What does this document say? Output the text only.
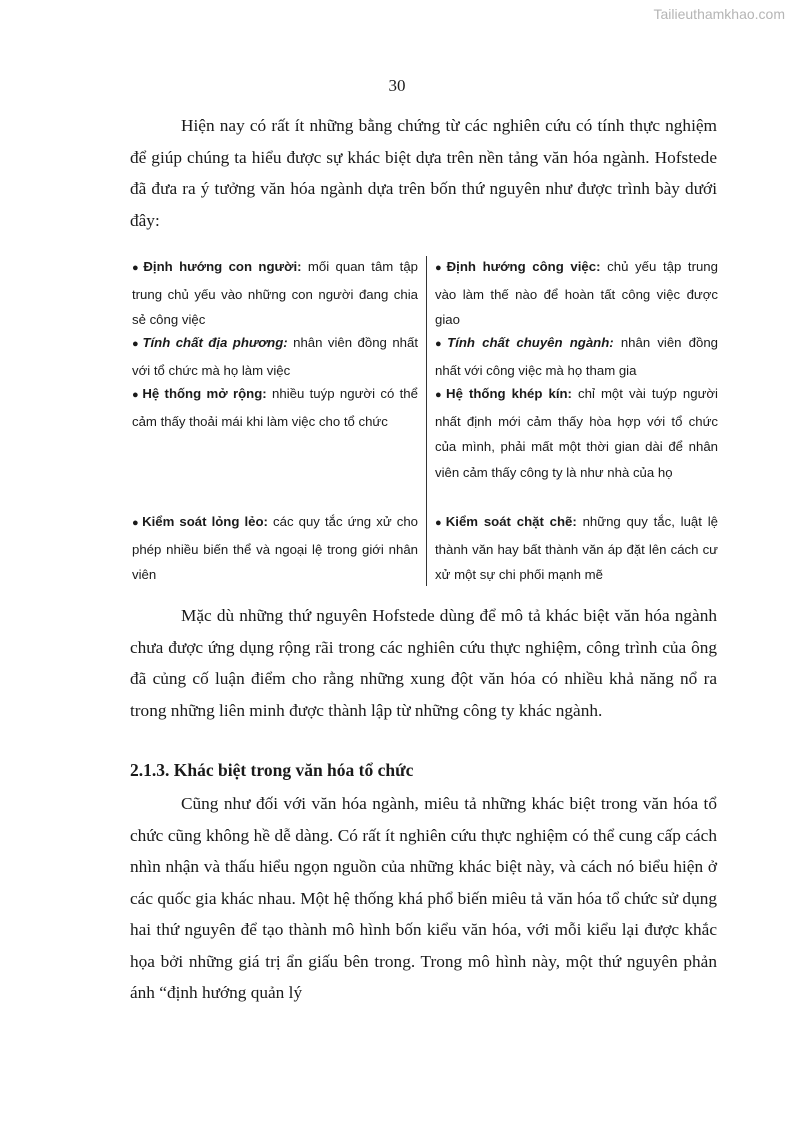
Tailieuthamkhao.com
30

Hiện nay có rất ít những bằng chứng từ các nghiên cứu có tính thực nghiệm để giúp chúng ta hiểu được sự khác biệt dựa trên nền tảng văn hóa ngành. Hofstede đã đưa ra ý tưởng văn hóa ngành dựa trên bốn thứ nguyên như được trình bày dưới đây:

● Định hướng con người: mối quan tâm tập trung chủ yếu vào những con người đang chia sẻ công việc

● Định hướng công việc: chủ yếu tập trung vào làm thế nào để hoàn tất công việc được giao

● Tính chất địa phương: nhân viên đồng nhất với tổ chức mà họ làm việc

● Tính chất chuyên ngành: nhân viên đồng nhất với công việc mà họ tham gia

● Hệ thống mở rộng: nhiều tuýp người có thể cảm thấy thoải mái khi làm việc cho tổ chức

● Hệ thống khép kín: chỉ một vài tuýp người nhất định mới cảm thấy hòa hợp với tổ chức của mình, phải mất một thời gian dài để nhân viên cảm thấy công ty là như nhà của họ

● Kiểm soát lỏng lẻo: các quy tắc ứng xử cho phép nhiều biến thể và ngoại lệ trong giới nhân viên

● Kiểm soát chặt chẽ: những quy tắc, luật lệ thành văn hay bất thành văn áp đặt lên cách cư xử một sự chi phối mạnh mẽ

Mặc dù những thứ nguyên Hofstede dùng để mô tả khác biệt văn hóa ngành chưa được ứng dụng rộng rãi trong các nghiên cứu thực nghiệm, công trình của ông đã củng cố luận điểm cho rằng những xung đột văn hóa có nhiều khả năng nổ ra trong những liên minh được thành lập từ những công ty khác ngành.

2.1.3. Khác biệt trong văn hóa tổ chức

Cũng như đối với văn hóa ngành, miêu tả những khác biệt trong văn hóa tổ chức cũng không hề dễ dàng. Có rất ít nghiên cứu thực nghiệm có thể cung cấp cách nhìn nhận và thấu hiểu ngọn nguồn của những khác biệt này, và cách nó biểu hiện ở các quốc gia khác nhau. Một hệ thống khá phổ biến miêu tả văn hóa tổ chức sử dụng hai thứ nguyên để tạo thành mô hình bốn kiểu văn hóa, với mỗi kiểu lại được khắc họa bởi những giá trị ẩn giấu bên trong. Trong mô hình này, một thứ nguyên phản ánh “định hướng quản lý
